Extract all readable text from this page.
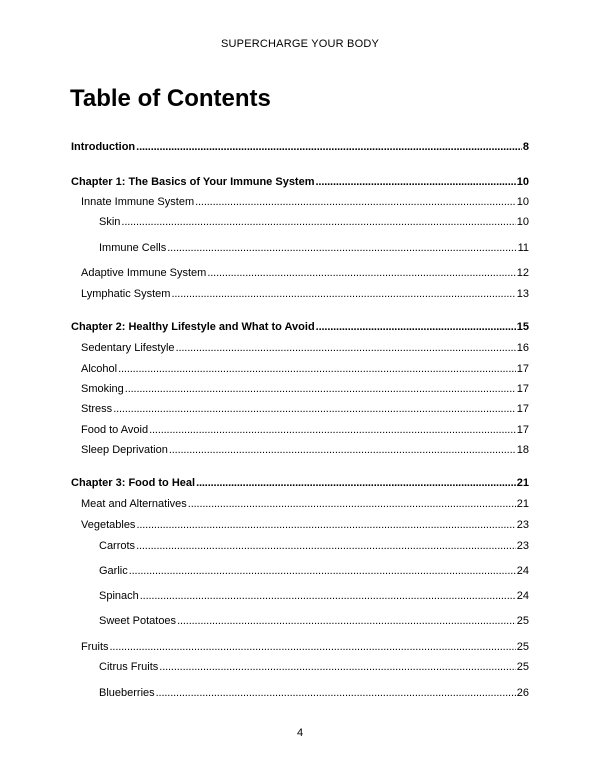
SUPERCHARGE YOUR BODY
Table of Contents
Introduction . . .	8
Chapter 1: The Basics of Your Immune System . . .	10
Innate Immune System . . .	10
Skin . . .	10
Immune Cells . . .	11
Adaptive Immune System . . .	12
Lymphatic System . . .	13
Chapter 2: Healthy Lifestyle and What to Avoid . . .	15
Sedentary Lifestyle . . .	16
Alcohol . . .	17
Smoking . . .	17
Stress . . .	17
Food to Avoid . . .	17
Sleep Deprivation . . .	18
Chapter 3: Food to Heal . . .	21
Meat and Alternatives . . .	21
Vegetables . . .	23
Carrots . . .	23
Garlic . . .	24
Spinach . . .	24
Sweet Potatoes . . .	25
Fruits . . .	25
Citrus Fruits . . .	25
Blueberries . . .	26
4
